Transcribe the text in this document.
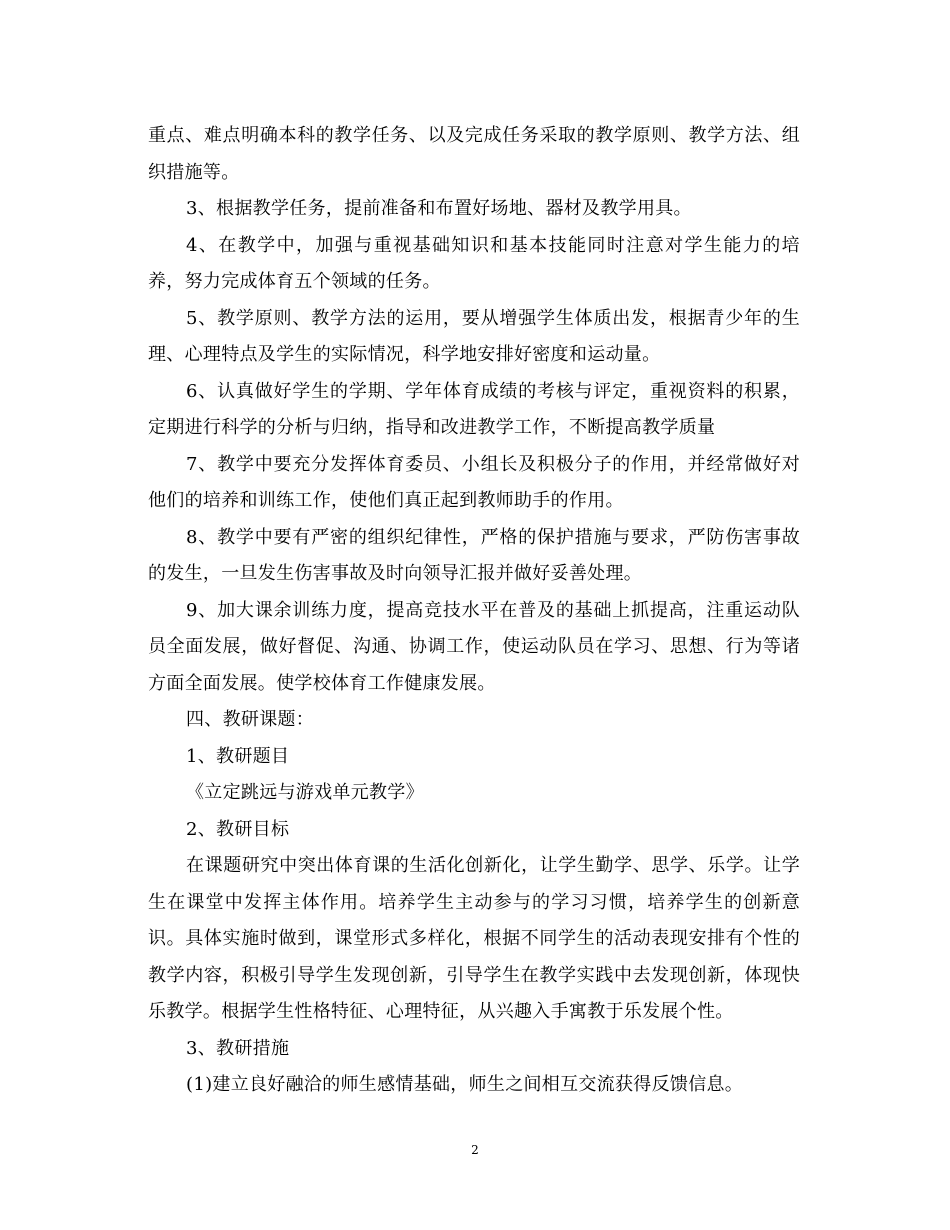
重点、难点明确本科的教学任务、以及完成任务采取的教学原则、教学方法、组织措施等。

3、根据教学任务，提前准备和布置好场地、器材及教学用具。

4、在教学中，加强与重视基础知识和基本技能同时注意对学生能力的培养，努力完成体育五个领域的任务。

5、教学原则、教学方法的运用，要从增强学生体质出发，根据青少年的生理、心理特点及学生的实际情况，科学地安排好密度和运动量。

6、认真做好学生的学期、学年体育成绩的考核与评定，重视资料的积累，定期进行科学的分析与归纳，指导和改进教学工作，不断提高教学质量

7、教学中要充分发挥体育委员、小组长及积极分子的作用，并经常做好对他们的培养和训练工作，使他们真正起到教师助手的作用。

8、教学中要有严密的组织纪律性，严格的保护措施与要求，严防伤害事故的发生，一旦发生伤害事故及时向领导汇报并做好妥善处理。

9、加大课余训练力度，提高竞技水平在普及的基础上抓提高，注重运动队员全面发展，做好督促、沟通、协调工作，使运动队员在学习、思想、行为等诸方面全面发展。使学校体育工作健康发展。

四、教研课题：

1、教研题目

《立定跳远与游戏单元教学》

2、教研目标

在课题研究中突出体育课的生活化创新化，让学生勤学、思学、乐学。让学生在课堂中发挥主体作用。培养学生主动参与的学习习惯，培养学生的创新意识。具体实施时做到，课堂形式多样化，根据不同学生的活动表现安排有个性的教学内容，积极引导学生发现创新，引导学生在教学实践中去发现创新，体现快乐教学。根据学生性格特征、心理特征，从兴趣入手寓教于乐发展个性。

3、教研措施

(1)建立良好融洽的师生感情基础，师生之间相互交流获得反馈信息。

2
